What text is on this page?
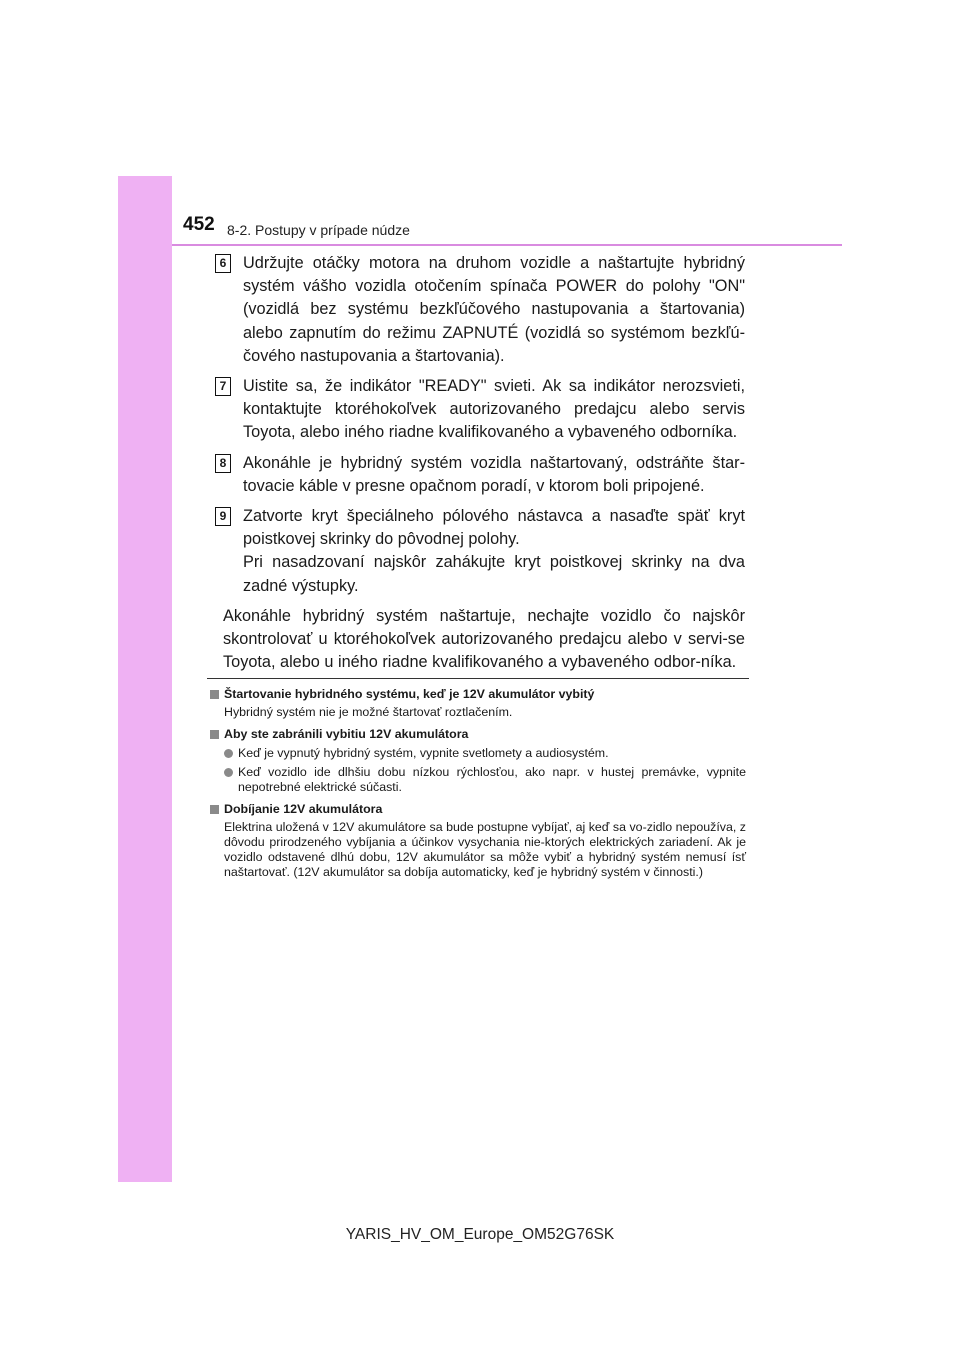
452 8-2. Postupy v prípade núdze
6 Udržujte otáčky motora na druhom vozidle a naštartujte hybridný systém vášho vozidla otočením spínača POWER do polohy "ON" (vozidlá bez systému bezkľúčového nastupovania a štartovania) alebo zapnutím do režimu ZAPNUTÉ (vozidlá so systémom bezkľú-čového nastupovania a štartovania).

7 Uistite sa, že indikátor "READY" svieti. Ak sa indikátor nerozsvieti, kontaktujte ktoréhokoľvek autorizovaného predajcu alebo servis Toyota, alebo iného riadne kvalifikovaného a vybaveného odborníka.

8 Akonáhle je hybridný systém vozidla naštartovaný, odstráňte štar-tovacie káble v presne opačnom poradí, v ktorom boli pripojené.

9 Zatvorte kryt špeciálneho pólového nástavca a nasaďte späť kryt poistkovej skrinky do pôvodnej polohy.

Pri nasadzovaní najskôr zahákujte kryt poistkovej skrinky na dva zadné výstupky.

Akonáhle hybridný systém naštartuje, nechajte vozidlo čo najskôr skontrolovať u ktoréhokoľvek autorizovaného predajcu alebo v servi-se Toyota, alebo u iného riadne kvalifikovaného a vybaveného odbor-níka.
Štartovanie hybridného systému, keď je 12V akumulátor vybitý
Hybridný systém nie je možné štartovať roztlačením.
Aby ste zabránili vybitiu 12V akumulátora
Keď je vypnutý hybridný systém, vypnite svetlomety a audiosystém.
Keď vozidlo ide dlhšiu dobu nízkou rýchlosťou, ako napr. v hustej premávke, vypnite nepotrebné elektrické súčasti.
Dobíjanie 12V akumulátora
Elektrina uložená v 12V akumulátore sa bude postupne vybíjať, aj keď sa vo-zidlo nepoužíva, z dôvodu prirodzeného vybíjania a účinkov vysychania nie-ktorých elektrických zariadení. Ak je vozidlo odstavené dlhú dobu, 12V akumulátor sa môže vybiť a hybridný systém nemusí ísť naštartovať. (12V akumulátor sa dobíja automaticky, keď je hybridný systém v činnosti.)
YARIS_HV_OM_Europe_OM52G76SK
